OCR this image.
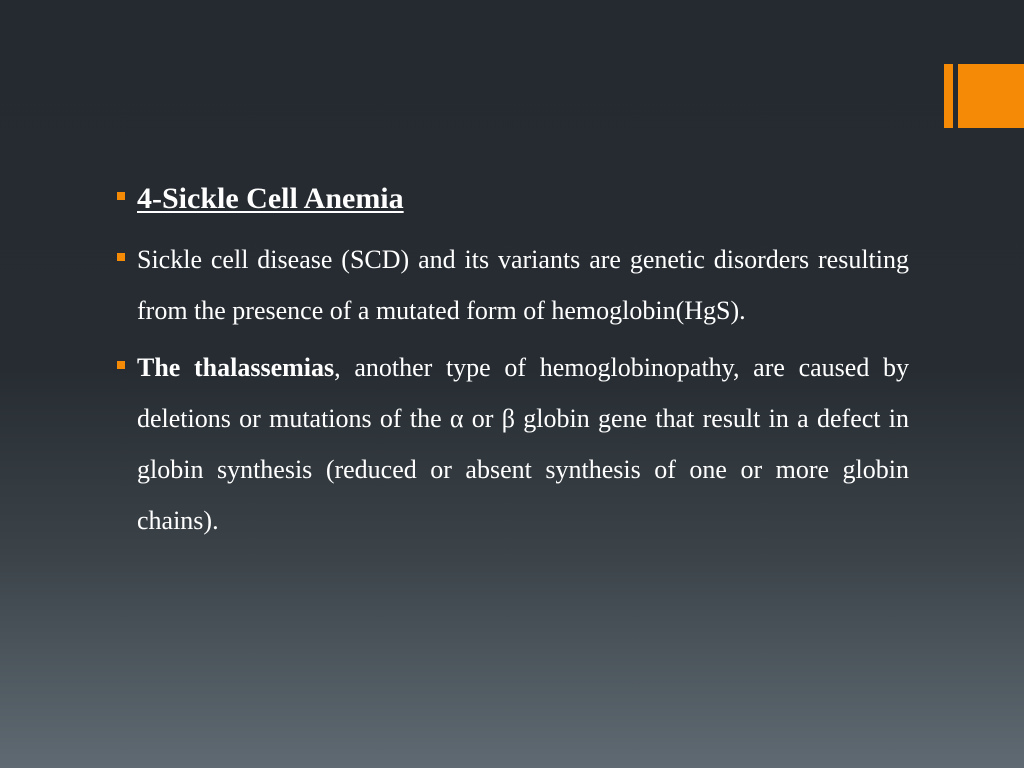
4-Sickle Cell Anemia
Sickle cell disease (SCD) and its variants are genetic disorders resulting from the presence of a mutated form of hemoglobin(HgS).
The thalassemias, another type of hemoglobinopathy, are caused by deletions or mutations of the α or β globin gene that result in a defect in globin synthesis (reduced or absent synthesis of one or more globin chains).
